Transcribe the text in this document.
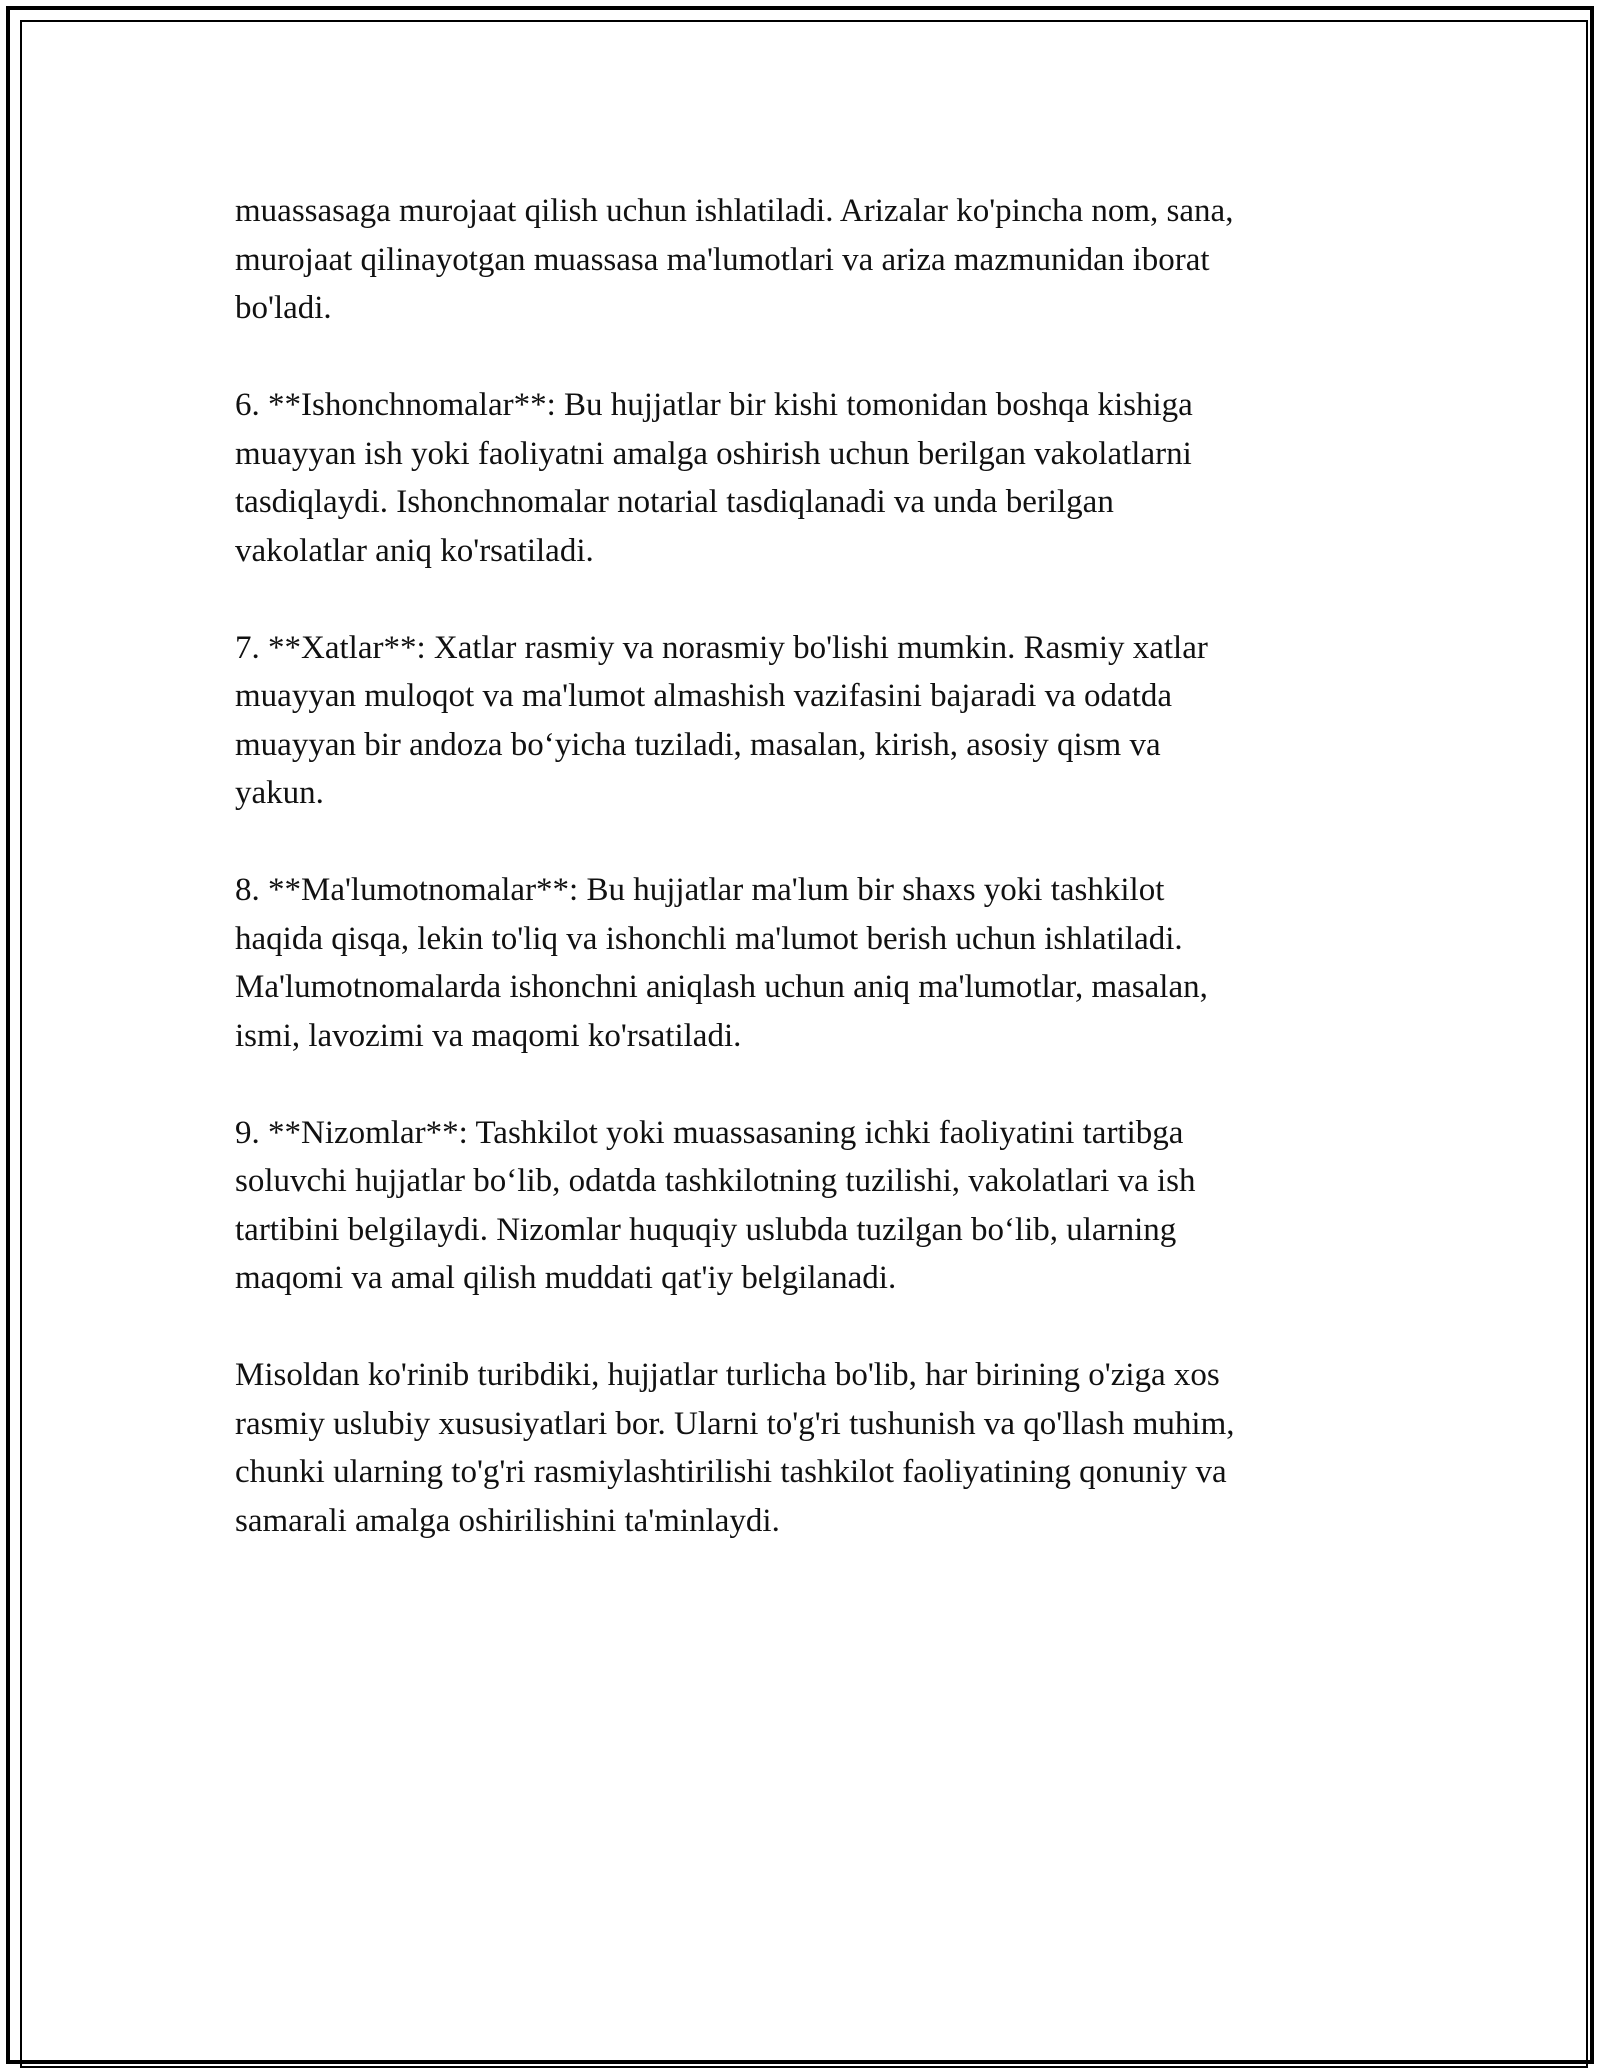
muassasaga murojaat qilish uchun ishlatiladi. Arizalar ko'pincha nom, sana,
murojaat qilinayotgan muassasa ma'lumotlari va ariza mazmunidan iborat
bo'ladi.

6. **Ishonchnomalar**: Bu hujjatlar bir kishi tomonidan boshqa kishiga
muayyan ish yoki faoliyatni amalga oshirish uchun berilgan vakolatlarni
tasdiqlaydi. Ishonchnomalar notarial tasdiqlanadi va unda berilgan
vakolatlar aniq ko'rsatiladi.

7. **Xatlar**: Xatlar rasmiy va norasmiy bo'lishi mumkin. Rasmiy xatlar
muayyan muloqot va ma'lumot almashish vazifasini bajaradi va odatda
muayyan bir andoza bo‘yicha tuziladi, masalan, kirish, asosiy qism va
yakun.

8. **Ma'lumotnomalar**: Bu hujjatlar ma'lum bir shaxs yoki tashkilot
haqida qisqa, lekin to'liq va ishonchli ma'lumot berish uchun ishlatiladi.
Ma'lumotnomalarda ishonchni aniqlash uchun aniq ma'lumotlar, masalan,
ismi, lavozimi va maqomi ko'rsatiladi.

9. **Nizomlar**: Tashkilot yoki muassasaning ichki faoliyatini tartibga
soluvchi hujjatlar bo‘lib, odatda tashkilotning tuzilishi, vakolatlari va ish
tartibini belgilaydi. Nizomlar huquqiy uslubda tuzilgan bo‘lib, ularning
maqomi va amal qilish muddati qat'iy belgilanadi.

Misoldan ko'rinib turibdiki, hujjatlar turlicha bo'lib, har birining o'ziga xos
rasmiy uslubiy xususiyatlari bor. Ularni to'g'ri tushunish va qo'llash muhim,
chunki ularning to'g'ri rasmiylashtirilishi tashkilot faoliyatining qonuniy va
samarali amalga oshirilishini ta'minlaydi.
